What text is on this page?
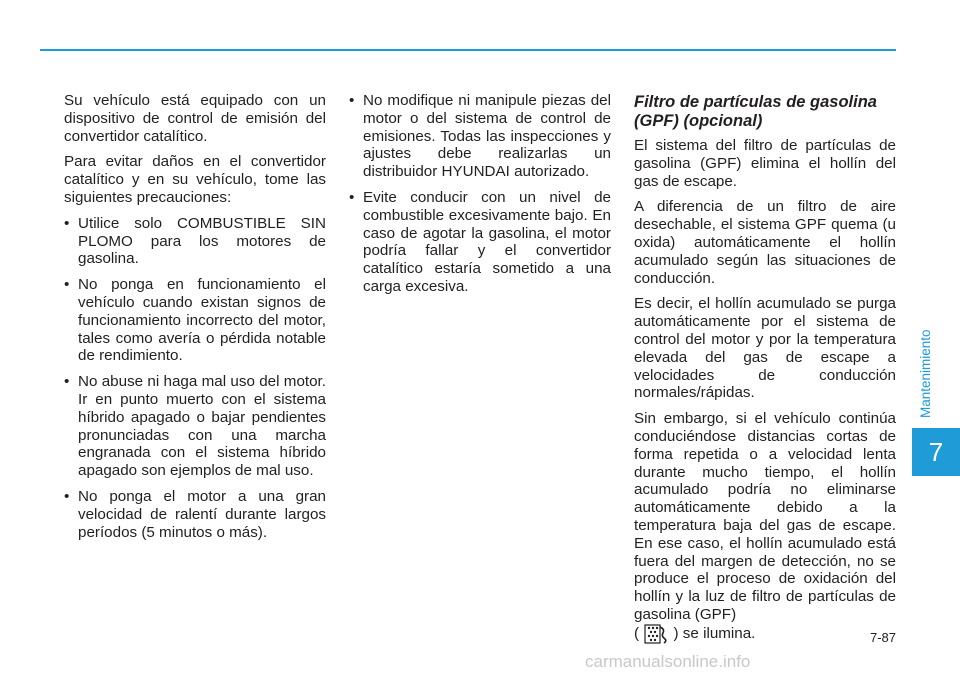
Su vehículo está equipado con un dispositivo de control de emisión del convertidor catalítico.

Para evitar daños en el convertidor catalítico y en su vehículo, tome las siguientes precauciones:

• Utilice solo COMBUSTIBLE SIN PLOMO para los motores de gasolina.
• No ponga en funcionamiento el vehículo cuando existan signos de funcionamiento incorrecto del motor, tales como avería o pérdida notable de rendimiento.
• No abuse ni haga mal uso del motor. Ir en punto muerto con el sistema híbrido apagado o bajar pendientes pronunciadas con una marcha engranada con el sistema híbrido apagado son ejemplos de mal uso.
• No ponga el motor a una gran velocidad de ralentí durante largos períodos (5 minutos o más).
• No modifique ni manipule piezas del motor o del sistema de control de emisiones. Todas las inspecciones y ajustes debe realizarlas un distribuidor HYUNDAI autorizado.
• Evite conducir con un nivel de combustible excesivamente bajo. En caso de agotar la gasolina, el motor podría fallar y el convertidor catalítico estaría sometido a una carga excesiva.
Filtro de partículas de gasolina (GPF) (opcional)

El sistema del filtro de partículas de gasolina (GPF) elimina el hollín del gas de escape.

A diferencia de un filtro de aire desechable, el sistema GPF quema (u oxida) automáticamente el hollín acumulado según las situaciones de conducción.

Es decir, el hollín acumulado se purga automáticamente por el sistema de control del motor y por la temperatura elevada del gas de escape a velocidades de conducción normales/rápidas.

Sin embargo, si el vehículo continúa conduciéndose distancias cortas de forma repetida o a velocidad lenta durante mucho tiempo, el hollín acumulado podría no eliminarse automáticamente debido a la temperatura baja del gas de escape. En ese caso, el hollín acumulado está fuera del margen de detección, no se produce el proceso de oxidación del hollín y la luz de filtro de partículas de gasolina (GPF)
( ) se ilumina.

Mantenimiento
7
7-87
carmanualsonline.info
